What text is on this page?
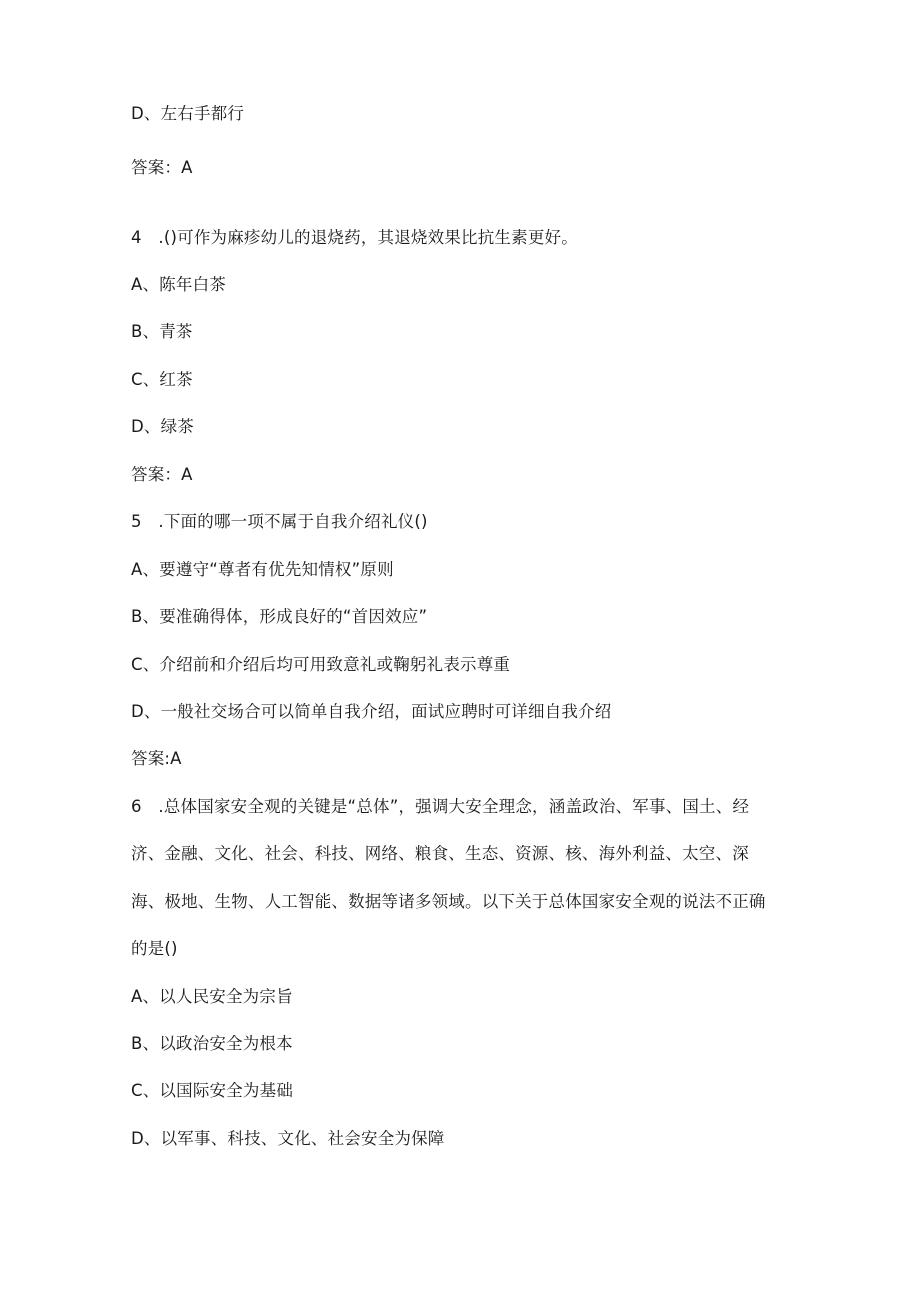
D、左右手都行
答案：A
4　.()可作为麻疹幼儿的退烧药，其退烧效果比抗生素更好。
A、陈年白茶
B、青茶
C、红茶
D、绿茶
答案：A
5　.下面的哪一项不属于自我介绍礼仪()
A、要遵守“尊者有优先知情权”原则
B、要准确得体，形成良好的“首因效应”
C、介绍前和介绍后均可用致意礼或鞠躬礼表示尊重
D、一般社交场合可以简单自我介绍，面试应聘时可详细自我介绍
答案:A
6　.总体国家安全观的关键是“总体”，强调大安全理念，涵盖政治、军事、国土、经
济、金融、文化、社会、科技、网络、粮食、生态、资源、核、海外利益、太空、深
海、极地、生物、人工智能、数据等诸多领域。以下关于总体国家安全观的说法不正确
的是()
A、以人民安全为宗旨
B、以政治安全为根本
C、以国际安全为基础
D、以军事、科技、文化、社会安全为保障
